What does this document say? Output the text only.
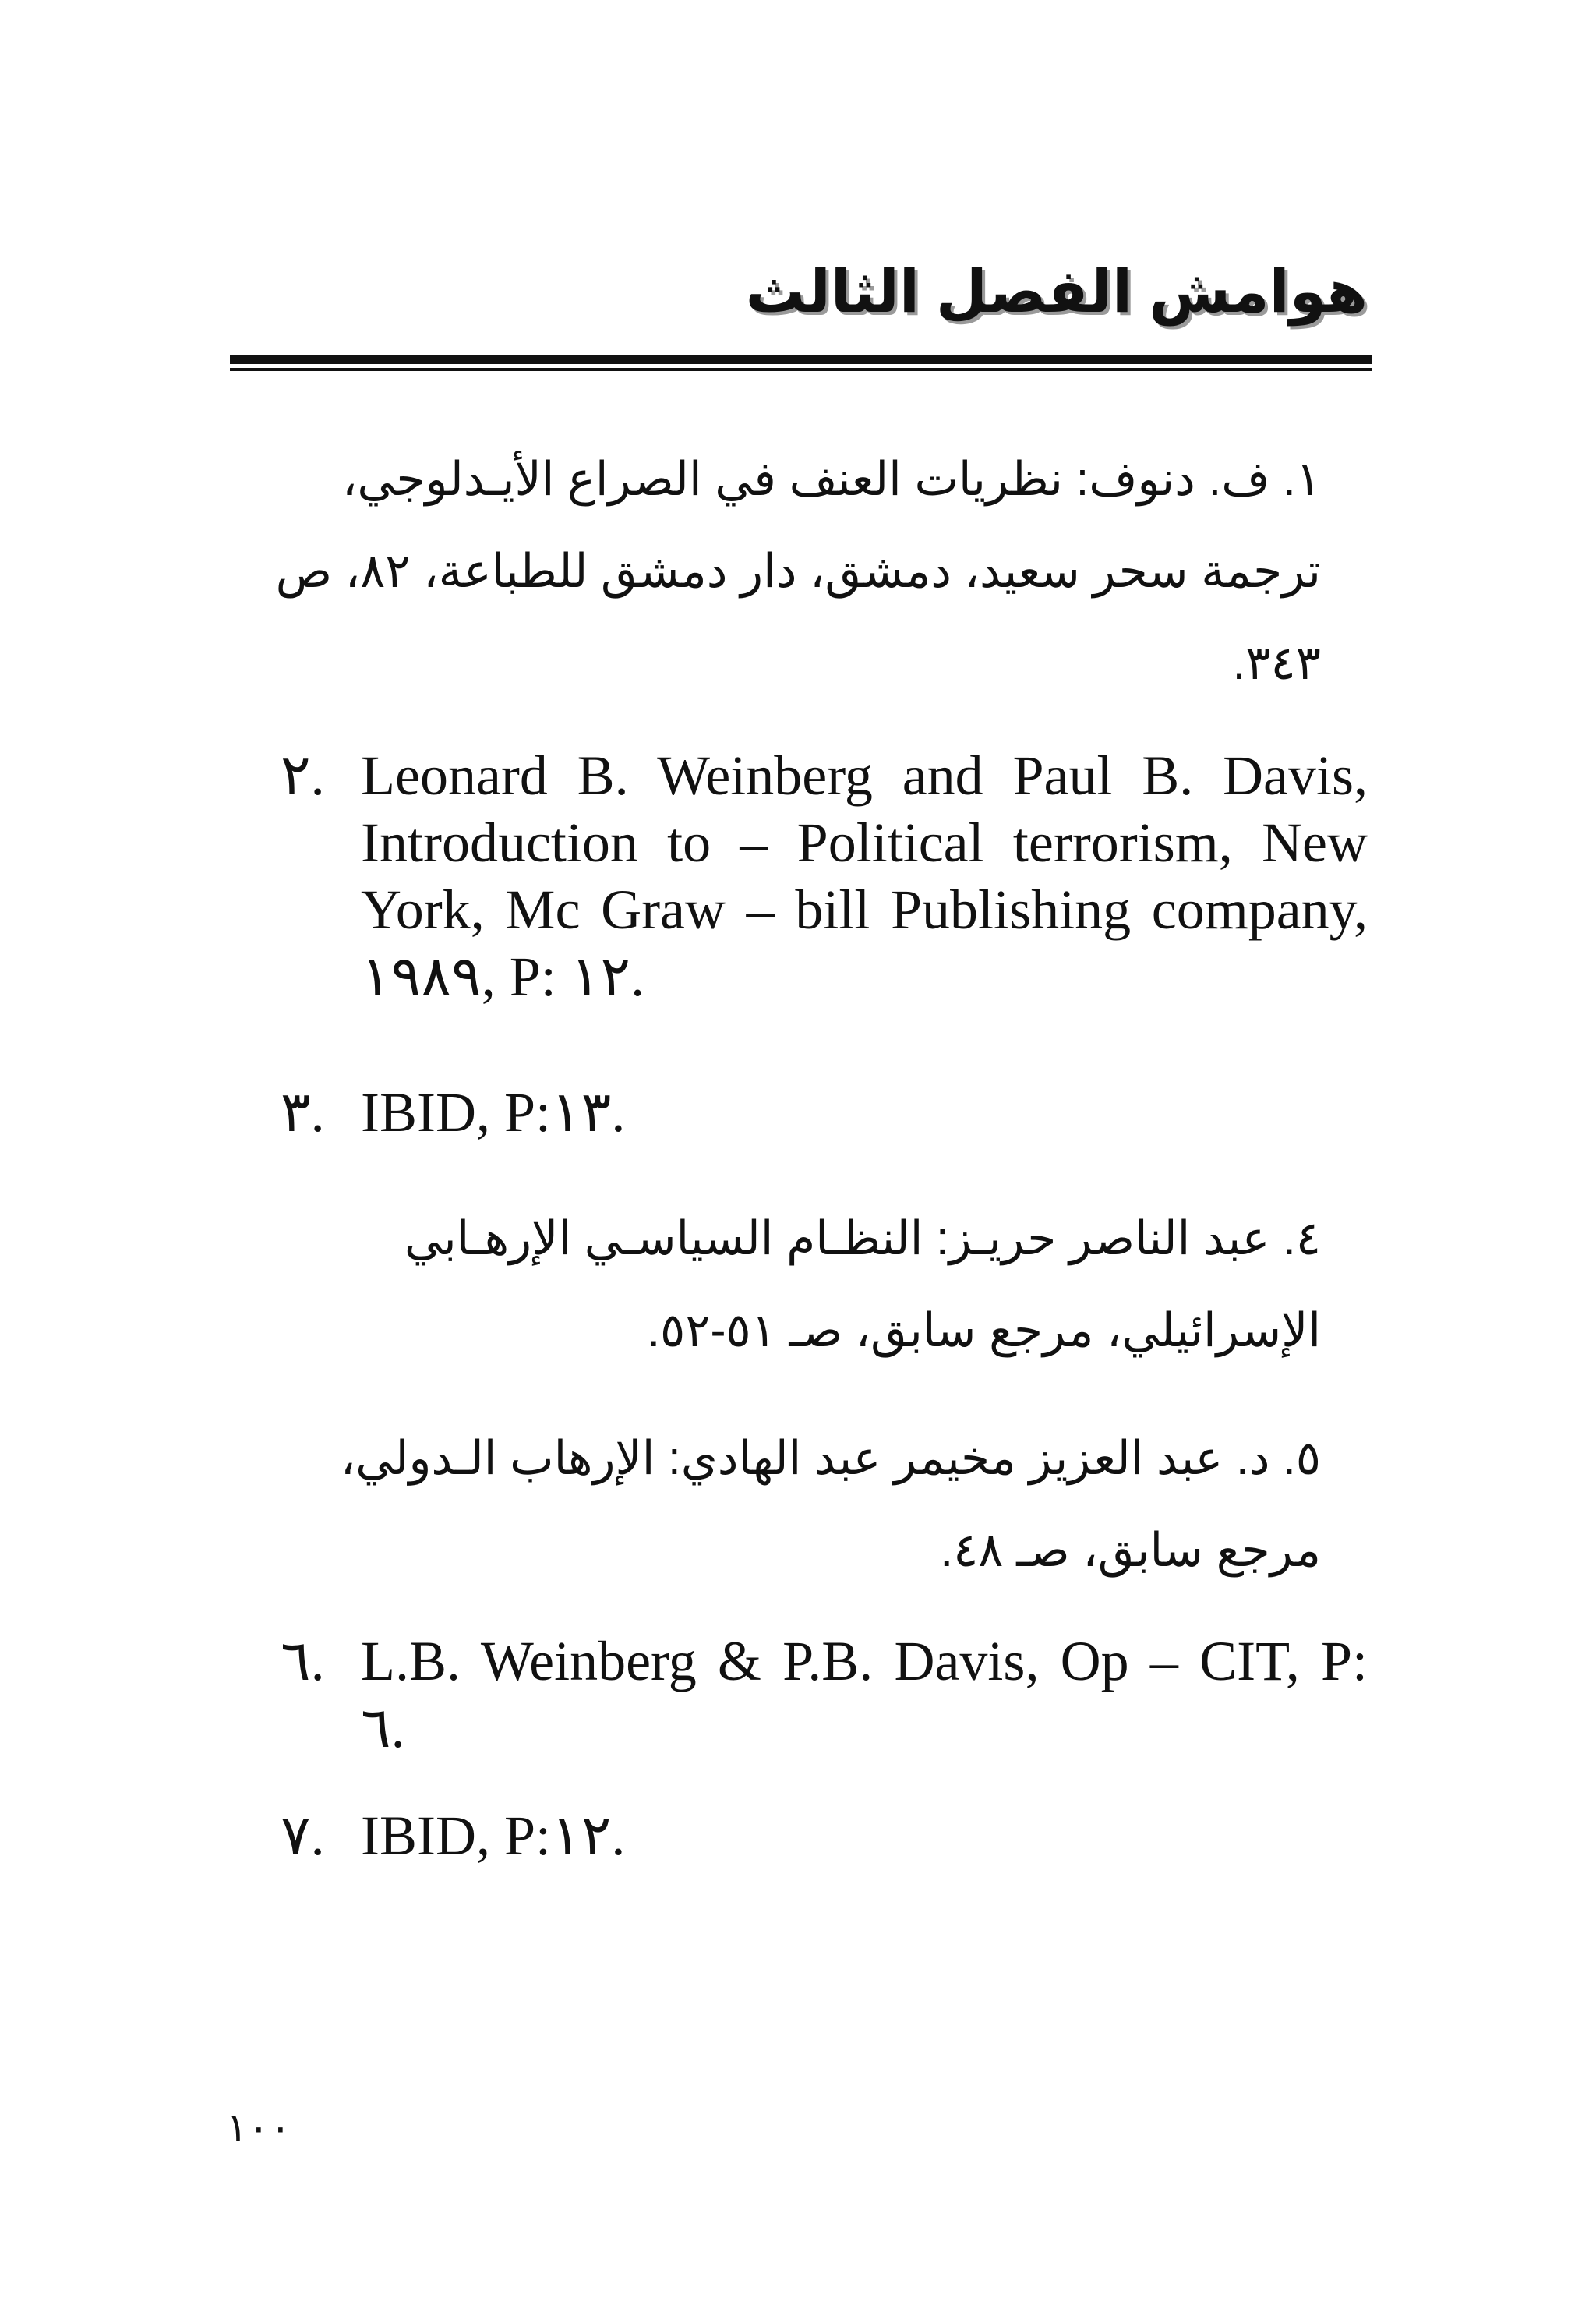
هوامش الفصل الثالث
١. ف. دنوف: نظريات العنف في الصراع الأيـدلوجي، ترجمة سحر سعيد، دمشق، دار دمشق للطباعة، ٨٢، ص ٣٤٣.
٢. Leonard B. Weinberg and Paul B. Davis, Introduction to – Political terrorism, New York, Mc Graw – bill Publishing company, ١٩٨٩, P: ١٢.
٣. IBID, P:١٣.
٤. عبد الناصر حريـز: النظـام السياسـي الإرهـابي الإسرائيلي، مرجع سابق، صـ ٥١-٥٢.
٥. د. عبد العزيز مخيمر عبد الهادي: الإرهاب الـدولي، مرجع سابق، صـ ٤٨.
٦. L.B. Weinberg & P.B. Davis, Op – CIT, P: ٦.
٧. IBID, P:١٢.
١٠٠
